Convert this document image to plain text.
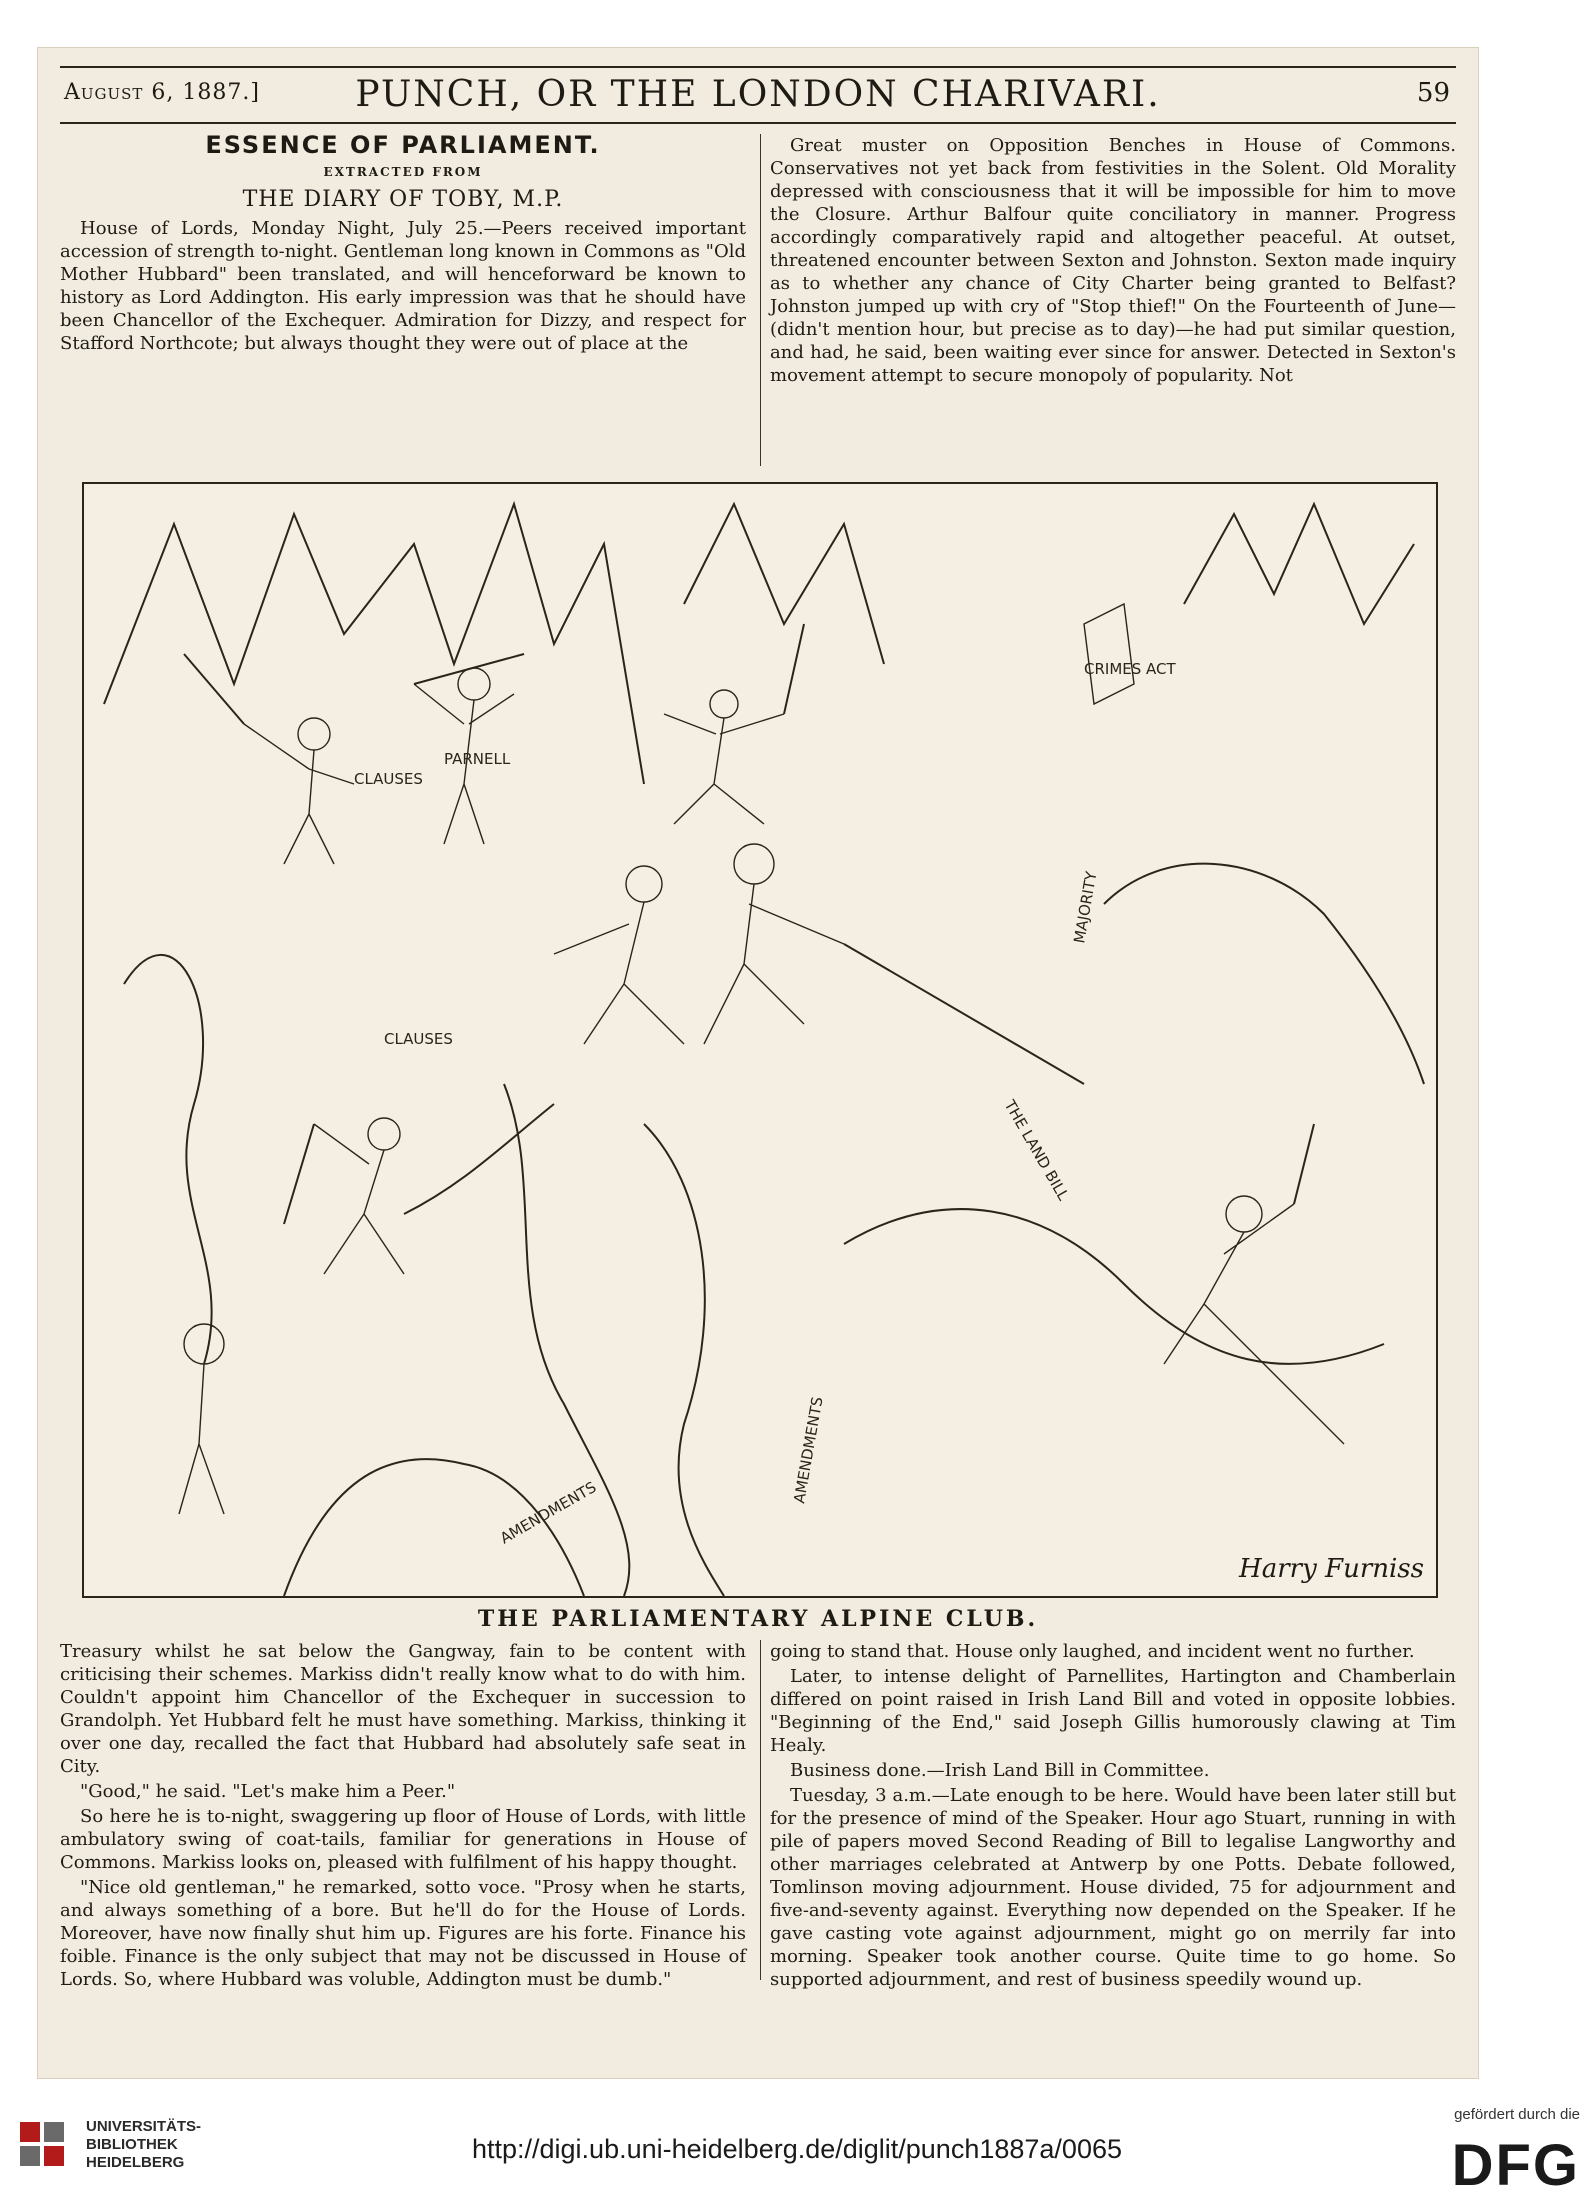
August 6, 1887.]	PUNCH, OR THE LONDON CHARIVARI.	59
ESSENCE OF PARLIAMENT.
EXTRACTED FROM
THE DIARY OF TOBY, M.P.

House of Lords, Monday Night, July 25.—Peers received important accession of strength to-night. Gentleman long known in Commons as "Old Mother Hubbard" been translated, and will henceforward be known to history as Lord Addington. His early impression was that he should have been Chancellor of the Exchequer. Admiration for Dizzy, and respect for Stafford Northcote; but always thought they were out of place at the

Great muster on Opposition Benches in House of Commons. Conservatives not yet back from festivities in the Solent. Old Morality depressed with consciousness that it will be impossible for him to move the Closure. Arthur Balfour quite conciliatory in manner. Progress accordingly comparatively rapid and altogether peaceful. At outset, threatened encounter between Sexton and Johnston. Sexton made inquiry as to whether any chance of City Charter being granted to Belfast? Johnston jumped up with cry of "Stop thief!" On the Fourteenth of June—(didn't mention hour, but precise as to day)—he had put similar question, and had, he said, been waiting ever since for answer. Detected in Sexton's movement attempt to secure monopoly of popularity. Not

CLAUSES
PARNELL
CLAUSES
CRIMES ACT
MAJORITY
THE LAND BILL
AMENDMENTS
AMENDMENTS
Harry Furniss
THE PARLIAMENTARY ALPINE CLUB.

Treasury whilst he sat below the Gangway, fain to be content with criticising their schemes. Markiss didn't really know what to do with him. Couldn't appoint him Chancellor of the Exchequer in succession to Grandolph. Yet Hubbard felt he must have something. Markiss, thinking it over one day, recalled the fact that Hubbard had absolutely safe seat in City.

"Good," he said. "Let's make him a Peer."

So here he is to-night, swaggering up floor of House of Lords, with little ambulatory swing of coat-tails, familiar for generations in House of Commons. Markiss looks on, pleased with fulfilment of his happy thought.

"Nice old gentleman," he remarked, sotto voce. "Prosy when he starts, and always something of a bore. But he'll do for the House of Lords. Moreover, have now finally shut him up. Figures are his forte. Finance his foible. Finance is the only subject that may not be discussed in House of Lords. So, where Hubbard was voluble, Addington must be dumb."

going to stand that. House only laughed, and incident went no further.

Later, to intense delight of Parnellites, Hartington and Chamberlain differed on point raised in Irish Land Bill and voted in opposite lobbies. "Beginning of the End," said Joseph Gillis humorously clawing at Tim Healy.

Business done.—Irish Land Bill in Committee.

Tuesday, 3 a.m.—Late enough to be here. Would have been later still but for the presence of mind of the Speaker. Hour ago Stuart, running in with pile of papers moved Second Reading of Bill to legalise Langworthy and other marriages celebrated at Antwerp by one Potts. Debate followed, Tomlinson moving adjournment. House divided, 75 for adjournment and five-and-seventy against. Everything now depended on the Speaker. If he gave casting vote against adjournment, might go on merrily far into morning. Speaker took another course. Quite time to go home. So supported adjournment, and rest of business speedily wound up.

UNIVERSITÄTS-
BIBLIOTHEK
HEIDELBERG	http://digi.ub.uni-heidelberg.de/diglit/punch1887a/0065
gefördert durch die
DFG
